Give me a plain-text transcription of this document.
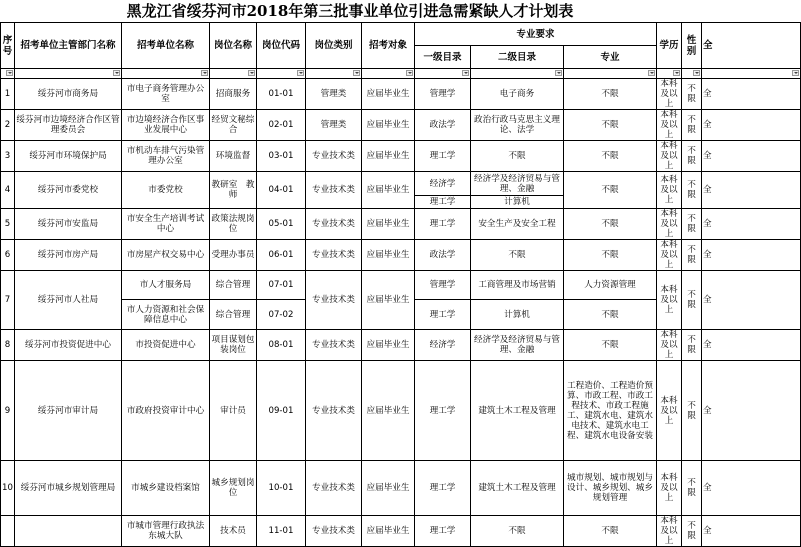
黑龙江省绥芬河市2018年第三批事业单位引进急需紧缺人才计划表
序号	招考单位主管部门名称	招考单位名称	岗位名称	岗位代码	岗位类别	招考对象	专业要求			学历	性别	全
							一级目录	二级目录	专业			

1	绥芬河市商务局	市电子商务管理办公室	招商服务	01-01	管理类	应届毕业生	管理学	电子商务	不限	本科及以上	不限	全
2	绥芬河市边境经济合作区管理委员会	市边境经济合作区事业发展中心	经贸文秘综合	02-01	管理类	应届毕业生	政法学	政治行政马克思主义理论、法学	不限	本科及以上	不限	全
3	绥芬河市环境保护局	市机动车排气污染管理办公室	环境监督	03-01	专业技术类	应届毕业生	理工学	不限	不限	本科及以上	不限	全
4	绥芬河市委党校	市委党校	教研室　教师	04-01	专业技术类	应届毕业生	经济学	经济学及经济贸易与管理、金融	不限	本科及以上	不限	全
							理工学	计算机				
5	绥芬河市安监局	市安全生产培训考试中心	政策法规岗位	05-01	专业技术类	应届毕业生	理工学	安全生产及安全工程	不限	本科及以上	不限	全
6	绥芬河市房产局	市房屋产权交易中心	受理办事员	06-01	专业技术类	应届毕业生	政法学	不限	不限	本科及以上	不限	全
7	绥芬河市人社局	市人才服务局	综合管理	07-01	专业技术类	应届毕业生	管理学	工商管理及市场营销	人力资源管理	本科及以上	不限	全
		市人力资源和社会保障信息中心	综合管理	07-02			理工学	计算机	不限			
8	绥芬河市投资促进中心	市投资促进中心	项目谋划包装岗位	08-01	专业技术类	应届毕业生	经济学	经济学及经济贸易与管理、金融	不限	本科及以上	不限	全
9	绥芬河市审计局	市政府投资审计中心	审计员	09-01	专业技术类	应届毕业生	理工学	建筑土木工程及管理	工程造价、工程造价预算、市政工程、市政工程技术、市政工程施工、建筑水电、建筑水电技术、建筑水电工程、建筑水电设备安装	本科及以上	不限	全
10	绥芬河市城乡规划管理局	市城乡建设档案馆	城乡规划岗位	10-01	专业技术类	应届毕业生	理工学	建筑土木工程及管理	城市规划、城市规划与设计、城乡规划、城乡规划管理	本科及以上	不限	全
		市城市管理行政执法东城大队	技术员	11-01	专业技术类	应届毕业生	理工学	不限	不限	本科及以上	不限	全
